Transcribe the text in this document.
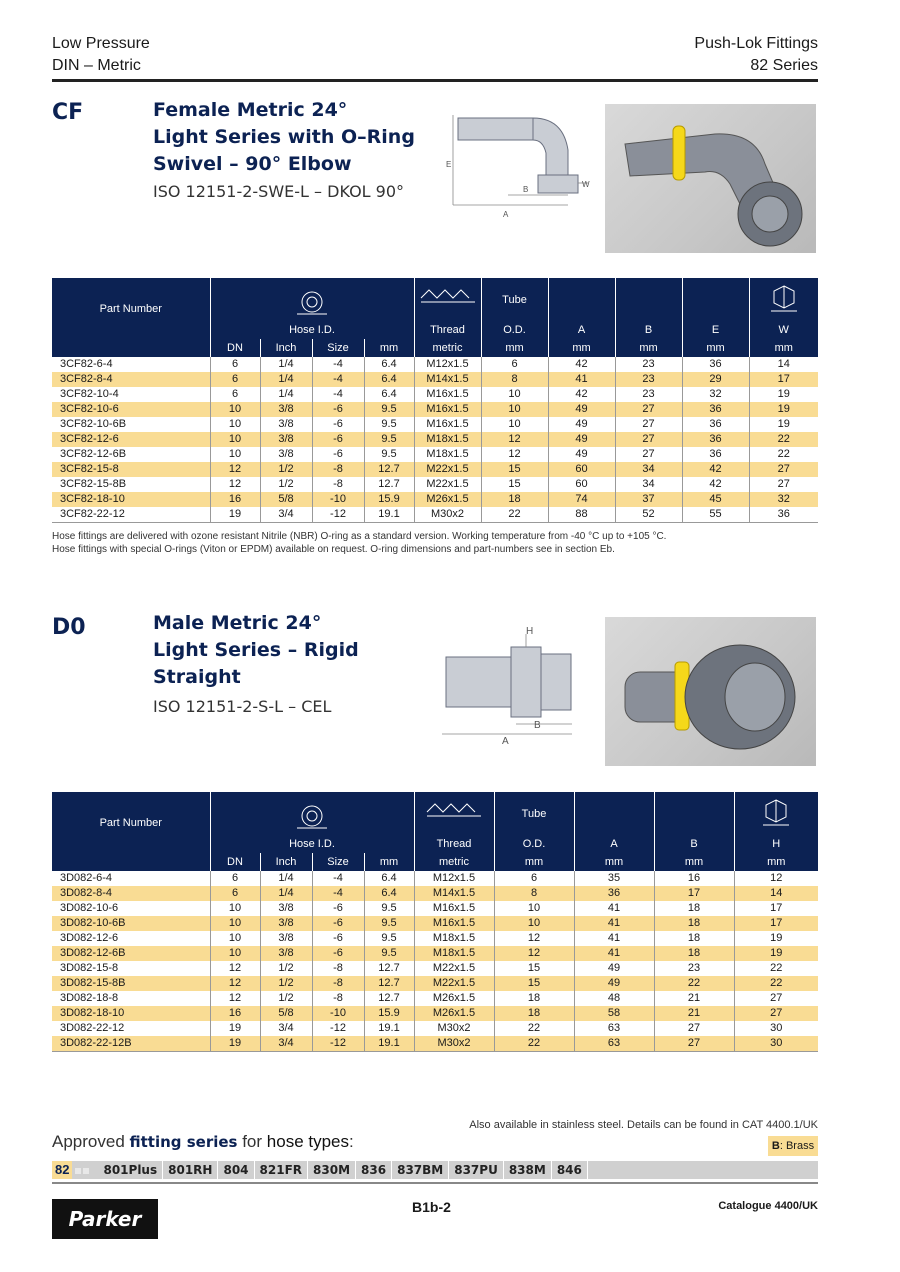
Low Pressure
DIN – Metric
Push-Lok Fittings
82 Series
CF	Female Metric 24°
Light Series with O–Ring
Swivel – 90° Elbow
ISO 12151-2-SWE-L – DKOL 90°
E
B
A
W
Part Number						Tube				
	Hose I.D.				Thread	O.D.	A	B	E	W
	DN	Inch	Size	mm	metric	mm	mm	mm	mm	mm
3CF82-6-4	6	1/4	-4	6.4	M12x1.5	6	42	23	36	14
3CF82-8-4	6	1/4	-4	6.4	M14x1.5	8	41	23	29	17
3CF82-10-4	6	1/4	-4	6.4	M16x1.5	10	42	23	32	19
3CF82-10-6	10	3/8	-6	9.5	M16x1.5	10	49	27	36	19
3CF82-10-6B	10	3/8	-6	9.5	M16x1.5	10	49	27	36	19
3CF82-12-6	10	3/8	-6	9.5	M18x1.5	12	49	27	36	22
3CF82-12-6B	10	3/8	-6	9.5	M18x1.5	12	49	27	36	22
3CF82-15-8	12	1/2	-8	12.7	M22x1.5	15	60	34	42	27
3CF82-15-8B	12	1/2	-8	12.7	M22x1.5	15	60	34	42	27
3CF82-18-10	16	5/8	-10	15.9	M26x1.5	18	74	37	45	32
3CF82-22-12	19	3/4	-12	19.1	M30x2	22	88	52	55	36
Hose fittings are delivered with ozone resistant Nitrile (NBR) O-ring as a standard version. Working temperature from -40 °C up to +105 °C.
Hose fittings with special O-rings (Viton or EPDM) available on request. O-ring dimensions and part-numbers see in section Eb.
D0	Male Metric 24°
Light Series – Rigid
Straight
ISO 12151-2-S-L – CEL
H
B
A
Part Number						Tube			
	Hose I.D.				Thread	O.D.	A	B	H
	DN	Inch	Size	mm	metric	mm	mm	mm	mm
3D082-6-4	6	1/4	-4	6.4	M12x1.5	6	35	16	12
3D082-8-4	6	1/4	-4	6.4	M14x1.5	8	36	17	14
3D082-10-6	10	3/8	-6	9.5	M16x1.5	10	41	18	17
3D082-10-6B	10	3/8	-6	9.5	M16x1.5	10	41	18	17
3D082-12-6	10	3/8	-6	9.5	M18x1.5	12	41	18	19
3D082-12-6B	10	3/8	-6	9.5	M18x1.5	12	41	18	19
3D082-15-8	12	1/2	-8	12.7	M22x1.5	15	49	23	22
3D082-15-8B	12	1/2	-8	12.7	M22x1.5	15	49	22	22
3D082-18-8	12	1/2	-8	12.7	M26x1.5	18	48	21	27
3D082-18-10	16	5/8	-10	15.9	M26x1.5	18	58	21	27
3D082-22-12	19	3/4	-12	19.1	M30x2	22	63	27	30
3D082-22-12B	19	3/4	-12	19.1	M30x2	22	63	27	30
Also available in stainless steel. Details can be found in CAT 4400.1/UK
Approved fitting series for hose types:	B: Brass
82	801Plus 801RH 804 821FR 830M 836 837BM 837PU 838M 846
Parker	B1b-2	Catalogue 4400/UK
